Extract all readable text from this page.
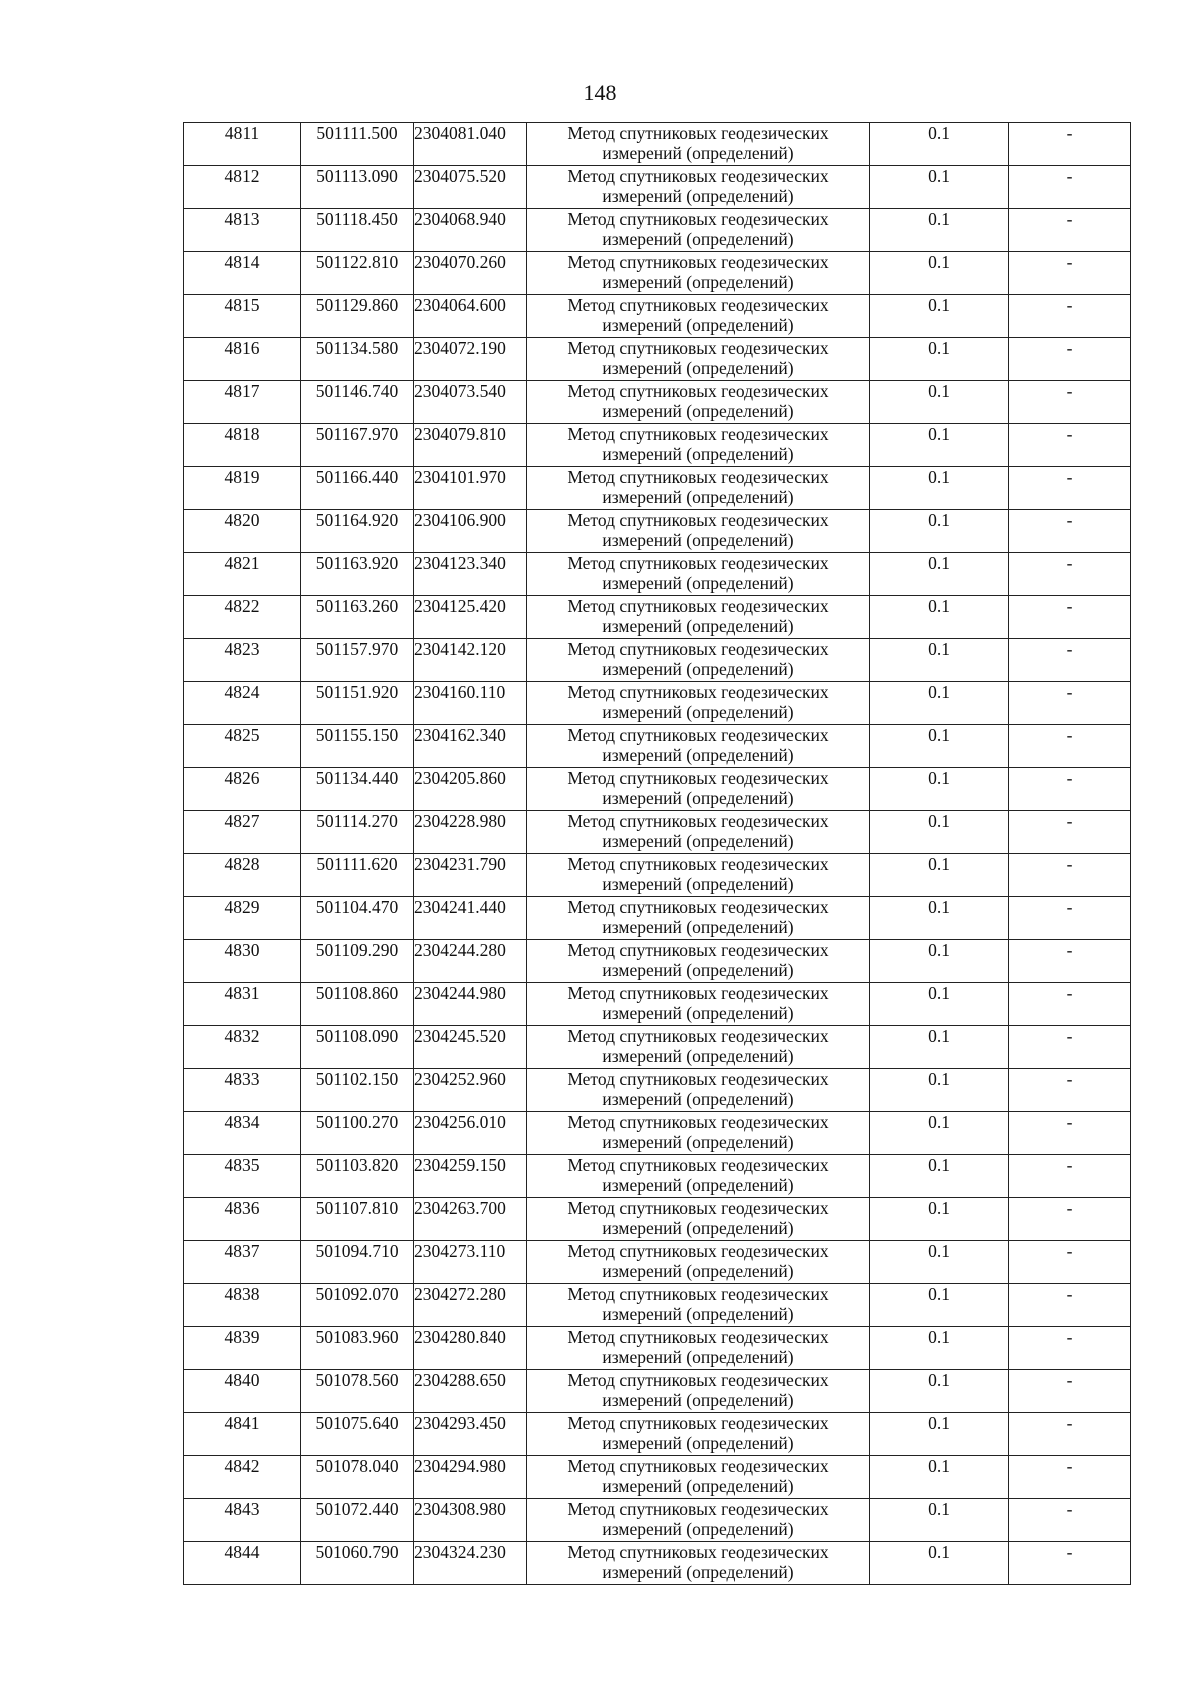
148
4811	501111.500	2304081.040	Метод спутниковых геодезических
измерений (определений)	0.1	-
4812	501113.090	2304075.520	Метод спутниковых геодезических
измерений (определений)	0.1	-
4813	501118.450	2304068.940	Метод спутниковых геодезических
измерений (определений)	0.1	-
4814	501122.810	2304070.260	Метод спутниковых геодезических
измерений (определений)	0.1	-
4815	501129.860	2304064.600	Метод спутниковых геодезических
измерений (определений)	0.1	-
4816	501134.580	2304072.190	Метод спутниковых геодезических
измерений (определений)	0.1	-
4817	501146.740	2304073.540	Метод спутниковых геодезических
измерений (определений)	0.1	-
4818	501167.970	2304079.810	Метод спутниковых геодезических
измерений (определений)	0.1	-
4819	501166.440	2304101.970	Метод спутниковых геодезических
измерений (определений)	0.1	-
4820	501164.920	2304106.900	Метод спутниковых геодезических
измерений (определений)	0.1	-
4821	501163.920	2304123.340	Метод спутниковых геодезических
измерений (определений)	0.1	-
4822	501163.260	2304125.420	Метод спутниковых геодезических
измерений (определений)	0.1	-
4823	501157.970	2304142.120	Метод спутниковых геодезических
измерений (определений)	0.1	-
4824	501151.920	2304160.110	Метод спутниковых геодезических
измерений (определений)	0.1	-
4825	501155.150	2304162.340	Метод спутниковых геодезических
измерений (определений)	0.1	-
4826	501134.440	2304205.860	Метод спутниковых геодезических
измерений (определений)	0.1	-
4827	501114.270	2304228.980	Метод спутниковых геодезических
измерений (определений)	0.1	-
4828	501111.620	2304231.790	Метод спутниковых геодезических
измерений (определений)	0.1	-
4829	501104.470	2304241.440	Метод спутниковых геодезических
измерений (определений)	0.1	-
4830	501109.290	2304244.280	Метод спутниковых геодезических
измерений (определений)	0.1	-
4831	501108.860	2304244.980	Метод спутниковых геодезических
измерений (определений)	0.1	-
4832	501108.090	2304245.520	Метод спутниковых геодезических
измерений (определений)	0.1	-
4833	501102.150	2304252.960	Метод спутниковых геодезических
измерений (определений)	0.1	-
4834	501100.270	2304256.010	Метод спутниковых геодезических
измерений (определений)	0.1	-
4835	501103.820	2304259.150	Метод спутниковых геодезических
измерений (определений)	0.1	-
4836	501107.810	2304263.700	Метод спутниковых геодезических
измерений (определений)	0.1	-
4837	501094.710	2304273.110	Метод спутниковых геодезических
измерений (определений)	0.1	-
4838	501092.070	2304272.280	Метод спутниковых геодезических
измерений (определений)	0.1	-
4839	501083.960	2304280.840	Метод спутниковых геодезических
измерений (определений)	0.1	-
4840	501078.560	2304288.650	Метод спутниковых геодезических
измерений (определений)	0.1	-
4841	501075.640	2304293.450	Метод спутниковых геодезических
измерений (определений)	0.1	-
4842	501078.040	2304294.980	Метод спутниковых геодезических
измерений (определений)	0.1	-
4843	501072.440	2304308.980	Метод спутниковых геодезических
измерений (определений)	0.1	-
4844	501060.790	2304324.230	Метод спутниковых геодезических
измерений (определений)	0.1	-
